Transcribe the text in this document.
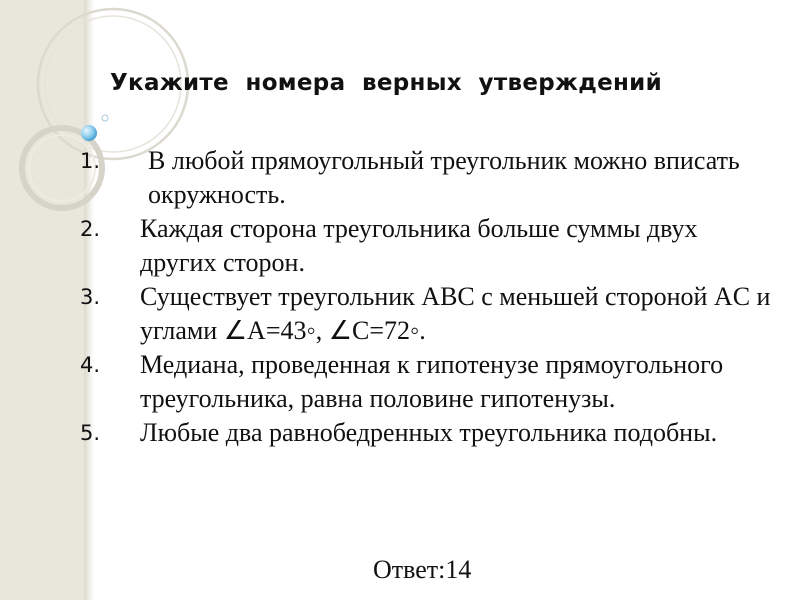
Укажите  номера  верных  утверждений
1.	В любой прямоугольный треугольник можно вписать окружность.
2.	Каждая сторона треугольника больше суммы двух других сторон.
3.	Существует треугольник ABC с меньшей стороной AC и углами ∠A=43◦, ∠C=72◦.
4.	Медиана, проведенная к гипотенузе прямоугольного треугольника, равна половине гипотенузы.
5.	Любые два равнобедренных треугольника подобны.
Ответ:14
